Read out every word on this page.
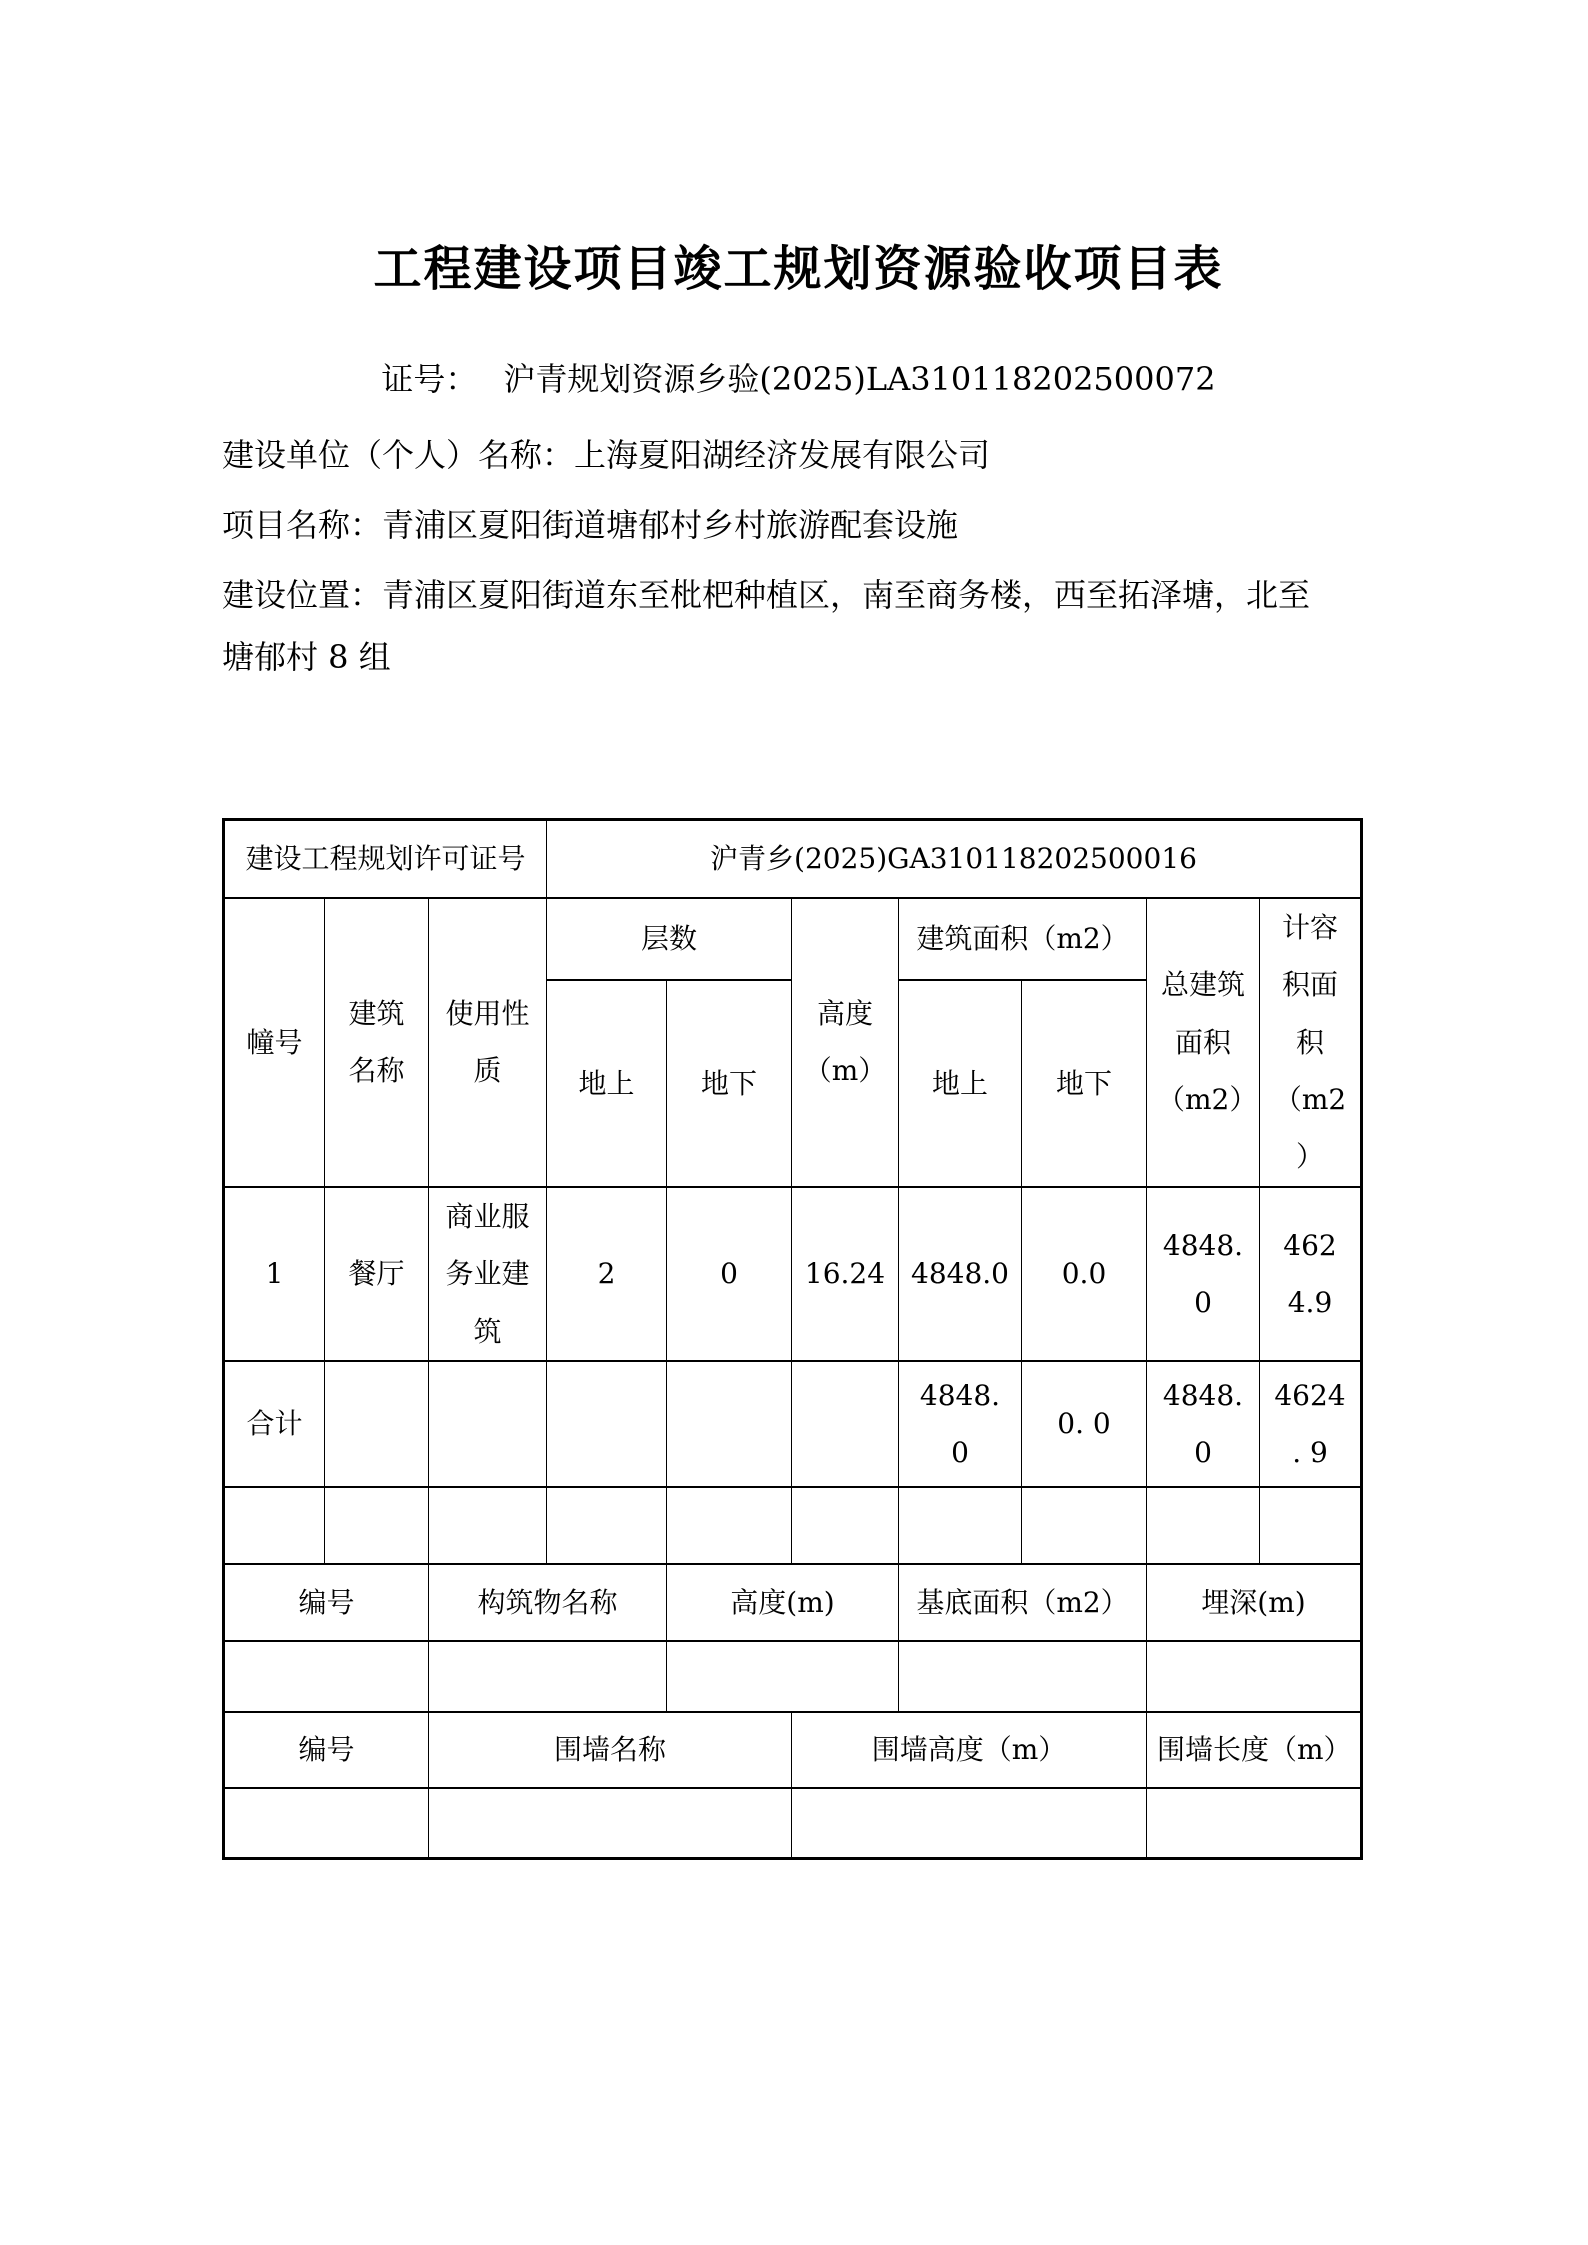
工程建设项目竣工规划资源验收项目表

证号： 沪青规划资源乡验(2025)LA310118202500072

建设单位（个人）名称：上海夏阳湖经济发展有限公司

项目名称：青浦区夏阳街道塘郁村乡村旅游配套设施

建设位置：青浦区夏阳街道东至枇杷种植区，南至商务楼，西至拓泽塘，北至塘郁村 8 组

建设工程规划许可证号			沪青乡(2025)GA310118202500016						
幢号	建筑名称	使用性质	层数		高度（m）	建筑面积（m2）		总建筑面积（m2）	计容积面积（m2）
			地上	地下		地上	地下		
1	餐厅	商业服务业建筑	2	0	16.24	4848.0	0.0	4848.0	4624.9
合计						4848. 0	0. 0	4848. 0	4624. 9

编号		构筑物名称		高度(m)		基底面积（m2）		埋深(m)	

编号		围墙名称			围墙高度（m）			围墙长度（m）	
